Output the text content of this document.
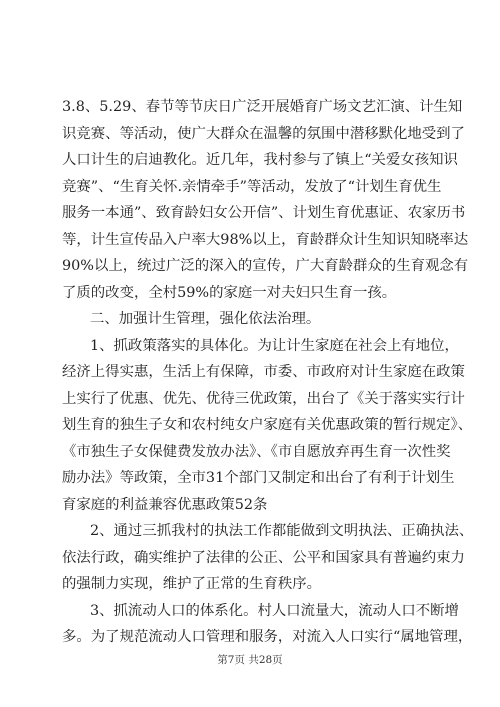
3.8、5.29、春节等节庆日广泛开展婚育广场文艺汇演、计生知
识竞赛、等活动，使广大群众在温馨的氛围中潜移默化地受到了
人口计生的启迪教化。近几年，我村参与了镇上“关爱女孩知识
竞赛”、“生育关怀.亲情牵手”等活动，发放了“计划生育优生
服务一本通”、致育龄妇女公开信”、计划生育优惠证、农家历书
等，计生宣传品入户率大98%以上，育龄群众计生知识知晓率达
90%以上，统过广泛的深入的宣传，广大育龄群众的生育观念有
了质的改变，全村59%的家庭一对夫妇只生育一孩。
二、加强计生管理，强化依法治理。
1、抓政策落实的具体化。为让计生家庭在社会上有地位，
经济上得实惠，生活上有保障，市委、市政府对计生家庭在政策
上实行了优惠、优先、优待三优政策，出台了《关于落实实行计
划生育的独生子女和农村纯女户家庭有关优惠政策的暂行规定》、
《市独生子女保健费发放办法》、《市自愿放弃再生育一次性奖
励办法》等政策，全市31个部门又制定和出台了有利于计划生
育家庭的利益兼容优惠政策52条
2、通过三抓我村的执法工作都能做到文明执法、正确执法、
依法行政，确实维护了法律的公正、公平和国家具有普遍约束力
的强制力实现，维护了正常的生育秩序。
3、抓流动人口的体系化。村人口流量大，流动人口不断增
多。为了规范流动人口管理和服务，对流入人口实行“属地管理，
第7页 共28页
